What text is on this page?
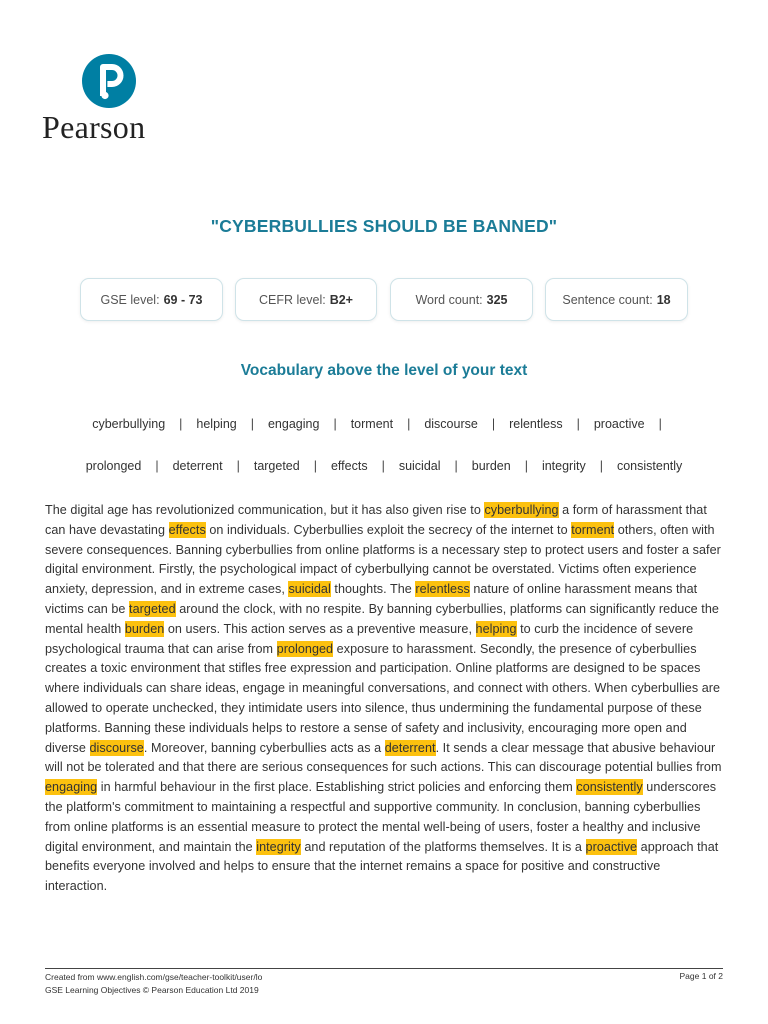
Pearson
"CYBERBULLIES SHOULD BE BANNED"
GSE level: 69 - 73	CEFR level: B2+	Word count: 325	Sentence count: 18
Vocabulary above the level of your text
cyberbullying | helping | engaging | torment | discourse | relentless | proactive |
prolonged | deterrent | targeted | effects | suicidal | burden | integrity | consistently
The digital age has revolutionized communication, but it has also given rise to cyberbullying a form of harassment that can have devastating effects on individuals. Cyberbullies exploit the secrecy of the internet to torment others, often with severe consequences. Banning cyberbullies from online platforms is a necessary step to protect users and foster a safer digital environment. Firstly, the psychological impact of cyberbullying cannot be overstated. Victims often experience anxiety, depression, and in extreme cases, suicidal thoughts. The relentless nature of online harassment means that victims can be targeted around the clock, with no respite. By banning cyberbullies, platforms can significantly reduce the mental health burden on users. This action serves as a preventive measure, helping to curb the incidence of severe psychological trauma that can arise from prolonged exposure to harassment. Secondly, the presence of cyberbullies creates a toxic environment that stifles free expression and participation. Online platforms are designed to be spaces where individuals can share ideas, engage in meaningful conversations, and connect with others. When cyberbullies are allowed to operate unchecked, they intimidate users into silence, thus undermining the fundamental purpose of these platforms. Banning these individuals helps to restore a sense of safety and inclusivity, encouraging more open and diverse discourse. Moreover, banning cyberbullies acts as a deterrent. It sends a clear message that abusive behaviour will not be tolerated and that there are serious consequences for such actions. This can discourage potential bullies from engaging in harmful behaviour in the first place. Establishing strict policies and enforcing them consistently underscores the platform's commitment to maintaining a respectful and supportive community. In conclusion, banning cyberbullies from online platforms is an essential measure to protect the mental well-being of users, foster a healthy and inclusive digital environment, and maintain the integrity and reputation of the platforms themselves. It is a proactive approach that benefits everyone involved and helps to ensure that the internet remains a space for positive and constructive interaction.
Created from www.english.com/gse/teacher-toolkit/user/lo
GSE Learning Objectives © Pearson Education Ltd 2019
Page 1 of 2
